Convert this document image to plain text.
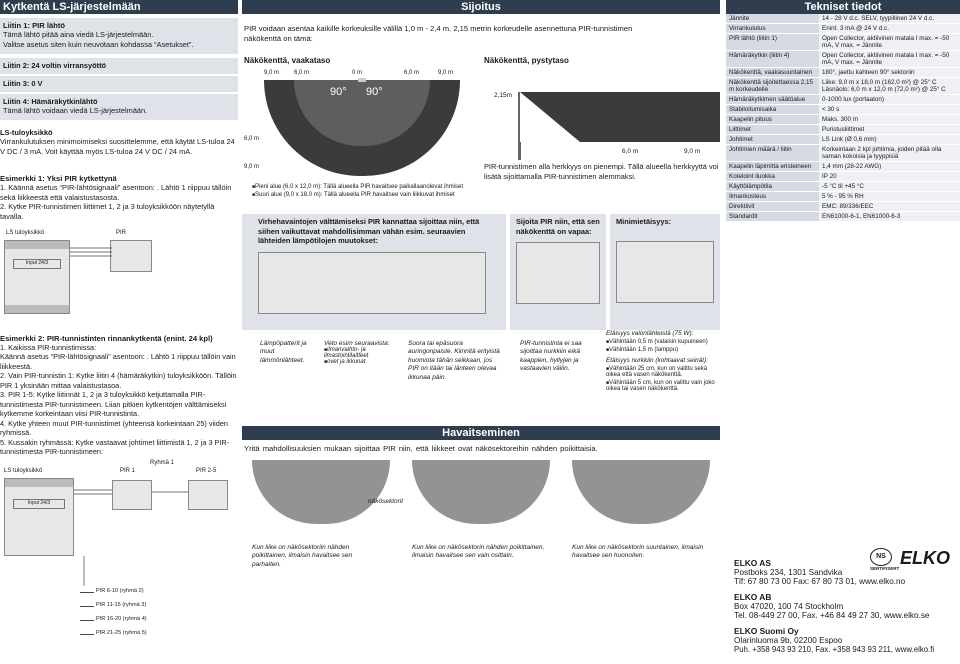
Kytkentä LS-järjestelmään
Liitin 1: PIR lähtö
Tämä lähtö pitää aina viedä LS-järjestelmään.
Valitse asetus siten kuin neuvotaan kohdassa “Asetukset”.
Liitin 2: 24 voltin virransyöttö
Liitin 3: 0 V
Liitin 4: Hämäräkytkinlähtö
Tämä lähtö voidaan viedä LS-järjestelmään.
LS-tuloyksikkö
Virrankulutuksen minimoimiseksi suosittelemme, että käytät LS-tuloa 24 V DC / 3 mA. Voit käyttää myös LS-tuloa 24 V DC / 24 mA.
Esimerkki 1: Yksi PIR kytkettynä
1. Käännä asetus “PIR-lähtösignaali” asentoon: . Lähtö 1 riippuu tällöin sekä liikkeestä että valaistustasosta.
2. Kytke PIR-tunnistimen liittimet 1, 2 ja 3 tuloyksikköön näytetyllä tavalla.
LS tuloyksikkö	PIR
Input 24/3
Esimerkki 2: PIR-tunnistinten rinnankytkentä (enint. 24 kpl)
1. Kaikissa PIR-tunnistimissa:
Käännä asetus “PIR-lähtösignaali” asentoon: . Lähtö 1 riippuu tällöin vain liikkeestä.
2. Vain PIR-tunnistin 1: Kytke liitin 4 (hämäräkytkin) tuloyksikköön. Tällöin PIR 1 yksinään mittaa valaistustasoa.
3. PIR 1-5: Kytke liitinnät 1, 2 ja 3 tuloyksikkö ketjuttamalla PIR-tunnistimesta PIR-tunnistimeen. Liian pitkien kytkentöjen välttämiseksi kytkemme korkeintaan viisi PIR-tunnistinta.
4. Kytke yhteen muut PIR-tunnistimet (yhteensä korkeintaan 25) viiden ryhmissä.
5. Kussakin ryhmässä: Kytke vastaavat johtimet liittimistä 1, 2 ja 3 PIR-tunnistimesta PIR-tunnistimeen:
Ryhmä 1
LS tuloyksikkö	PIR 1	PIR 2-5
Input 24/3
PIR 6-10 (ryhmä 2)
PIR 11-15 (ryhmä 3)
PIR 16-20 (ryhmä 4)
PIR 21-25 (ryhmä 5)
Sijoitus
PIR voidaan asentaa kaikille korkeuksille välillä 1,0 m - 2,4 m. 2,15 metrin korkeudelle asennettuna PIR-tunnistimen näkökenttä on tämä:
Näkökenttä, vaakataso	Näkökenttä, pystytaso
9,0 m 6,0 m	0 m	6,0 m	9,0 m
90° 90°
6,0 m
9,0 m
■ Pieni alue (6,0 x 12,0 m): Tällä alueella PIR havaitsee paikallaanolevat ihmiset
■ Suuri alue (9,0 x 18,0 m): Tällä alueella PIR havaitsee vain liikkuvat ihmiset
2,15m
6,0 m	9,0 m
PIR-tunnistimen alla herkkyys on pienempi. Tällä alueella herkkyyttä voi lisätä sijoittamalla PIR-tunnistimen alemmaksi.
Virhehavaintojen välttämiseksi PIR kannattaa sijoittaa niin, että siihen vaikuttavat mahdollisimman vähän esim. seuraavien lähteiden lämpötilojen muutokset:
Sijoita PIR niin, että sen näkökenttä on vapaa:
Minimietäisyys:
Lämpöpatterit ja muut lämmönlähteet.
Veto esim seuraavista:
■ ilmanvaihto- ja ilmastointilaitteet
■ ovet ja ikkunat
Suora tai epäsuora auringonpaiste. Kiinnitä erityistä huomiota tähän seikkaan, jos PIR on itään tai länteen olevaa ikkunaa päin.
PIR-tunnistinta ei saa sijoittaa nurkkiin eikä kaappien, hyllyjen ja vastaavien väliin.
Etäisyys valonlähteistä (75 W):
■ Vähintään 0,5 m (valaisin kupuineen)
■ Vähintään 1,5 m (lamppu)
Etäisyys nurkkiin (kohtaavat seinät):
■ Vähintään 25 cm, kun on valittu sekä oikea että vasen näkökenttä.
■ Vähintään 5 cm, kun on valittu vain joko oikea tai vasen näkökenttä.
Havaitseminen
Yritä mahdollisuuksien mukaan sijoittaa PIR niin, että liikkeet ovat näkösektoreihin nähden poikittaisia.
näkösektorit
Kun liike on näkösektoriin nähden poikittainen, ilmaisin havaitsee sen parhaiten.
Kun liike on näkösektorin nähden poikittainen, ilmaisin havaitsee sen vain osittain.
Kun liike on näkösektorin suuntainen, ilmaisin havaitsee sen huonoiten.
Tekniset tiedot
Jännite	14 - 28 V d.c. SELV, tyypillinen 24 V d.c.
Virrankulutus	Enint. 3 mA @ 24 V d.c.
PIR lähtö (liitin 1)	Open Collector, aktiivinen matala I max. = -50 mA, V max. = Jännite
Hämäräkytkin (liitin 4)	Open Collector, aktiivinen matala I max. = -50 mA, V max. = Jännite
Näkökenttä, vaakasuuntainen	180°, jaettu kahteen 90° sektoriin
Näkökenttä sijoitettaessa 2,15 m korkeudelle	Liike: 9,0 m x 18,0 m (162,0 m²) @ 25° C Läsnäolo: 6,0 m x 12,0 m (72,0 m²) @ 25° C
Hämäräkytkimen säätöalue	0-1000 lux (portaaton)
Stabiloitumisaika	< 30 s
Kaapelin pituus	Maks. 300 m
Liittimet	Puristusliittimet
Johtimet	LS Link (Ø 0,6 mm)
Johtimien määrä / liitin	Korkeintaan 2 kpl johtimia, joiden pitää olla saman kokoisia ja tyyppisiä
Kaapelin läpimitta eristeineen	1,4 mm (28-22 AWG)
Koteloint iluokka	IP 20
Käyttölämpötila	-5 °C til +45 °C
Ilmankosteus	5 % - 95 % RH
Direktiivit	EMC: 89/336/EEC
Standardit	EN61000-6-1, EN61000-6-3
NS
SERTIFISERT
ELKO
ELKO AS
Postboks 234, 1301 Sandvika
Tlf: 67 80 73 00 Fax: 67 80 73 01, www.elko.no
ELKO AB
Box 47020, 100 74 Stockholm
Tel. 08-449 27 00, Fax. +46 84 49 27 30, www.elko.se
ELKO Suomi Oy
Olarinluoma 9b, 02200 Espoo
Puh. +358 943 93 210, Fax. +358 943 93 211, www.elko.fi
